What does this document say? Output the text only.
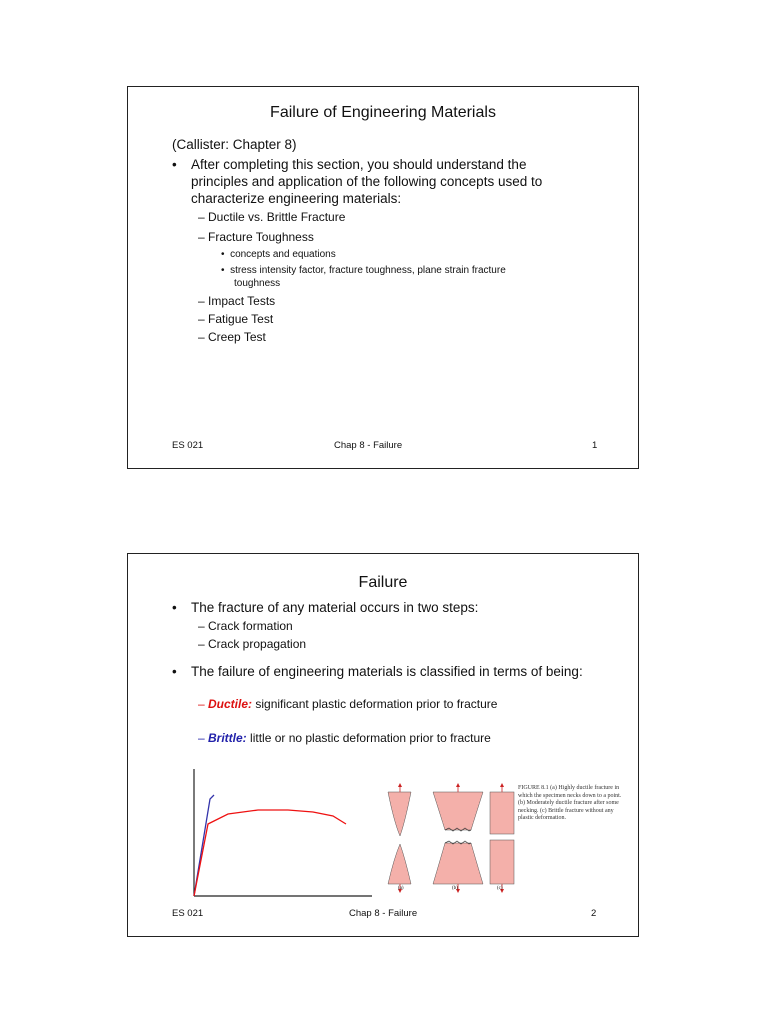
Failure of Engineering Materials
(Callister: Chapter 8)
• After completing this section, you should understand the
principles and application of the following concepts used to
characterize engineering materials:
– Ductile vs. Brittle Fracture
– Fracture Toughness
•  concepts and equations
•  stress intensity factor, fracture toughness, plane strain fracture
toughness
– Impact Tests
– Fatigue Test
– Creep Test
ES 021	Chap 8 - Failure	1
Failure
• The fracture of any material occurs in two steps:
– Crack formation
– Crack propagation
• The failure of engineering materials is classified in terms of being:
– Ductile: significant plastic deformation prior to fracture
– Brittle: little or no plastic deformation prior to fracture
(a)	(b)	(c)
FIGURE 8.1 (a) Highly ductile fracture in
which the specimen necks down to a point.
(b) Moderately ductile fracture after some
necking. (c) Brittle fracture without any
plastic deformation.
ES 021	Chap 8 - Failure	2
